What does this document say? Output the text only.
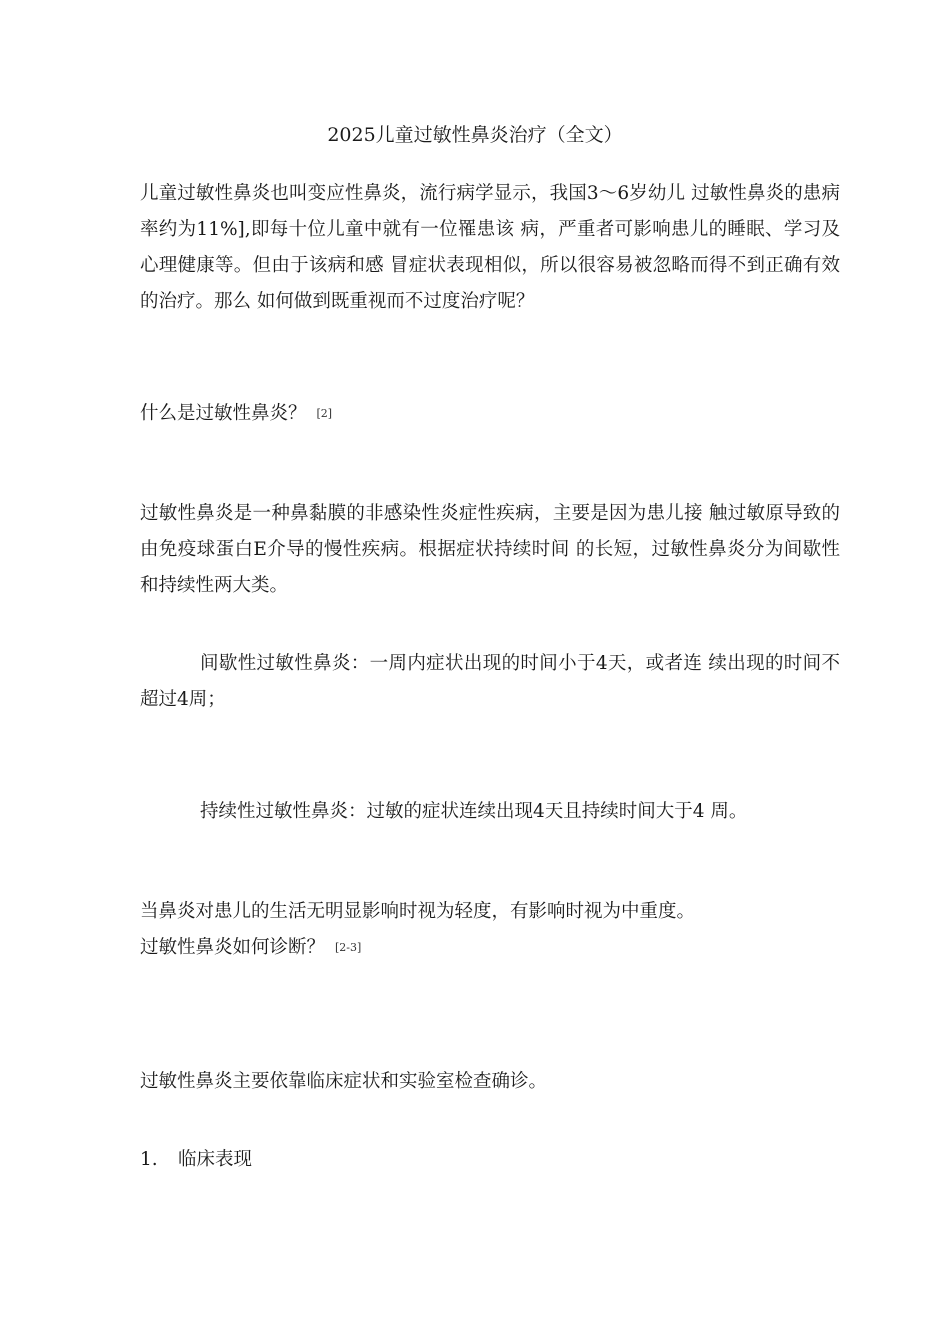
2025儿童过敏性鼻炎治疗（全文）
儿童过敏性鼻炎也叫变应性鼻炎，流行病学显示，我国3〜6岁幼儿 过敏性鼻炎的患病率约为11%],即每十位儿童中就有一位罹患该 病，严重者可影响患儿的睡眠、学习及心理健康等。但由于该病和感 冒症状表现相似，所以很容易被忽略而得不到正确有效的治疗。那么 如何做到既重视而不过度治疗呢？
什么是过敏性鼻炎？ [2]
过敏性鼻炎是一种鼻黏膜的非感染性炎症性疾病，主要是因为患儿接 触过敏原导致的由免疫球蛋白E介导的慢性疾病。根据症状持续时间 的长短，过敏性鼻炎分为间歇性和持续性两大类。
间歇性过敏性鼻炎：一周内症状出现的时间小于4天，或者连 续出现的时间不超过4周；
持续性过敏性鼻炎：过敏的症状连续出现4天且持续时间大于4 周。
当鼻炎对患儿的生活无明显影响时视为轻度，有影响时视为中重度。
过敏性鼻炎如何诊断？ [2-3]
过敏性鼻炎主要依靠临床症状和实验室检查确诊。
1. 临床表现
